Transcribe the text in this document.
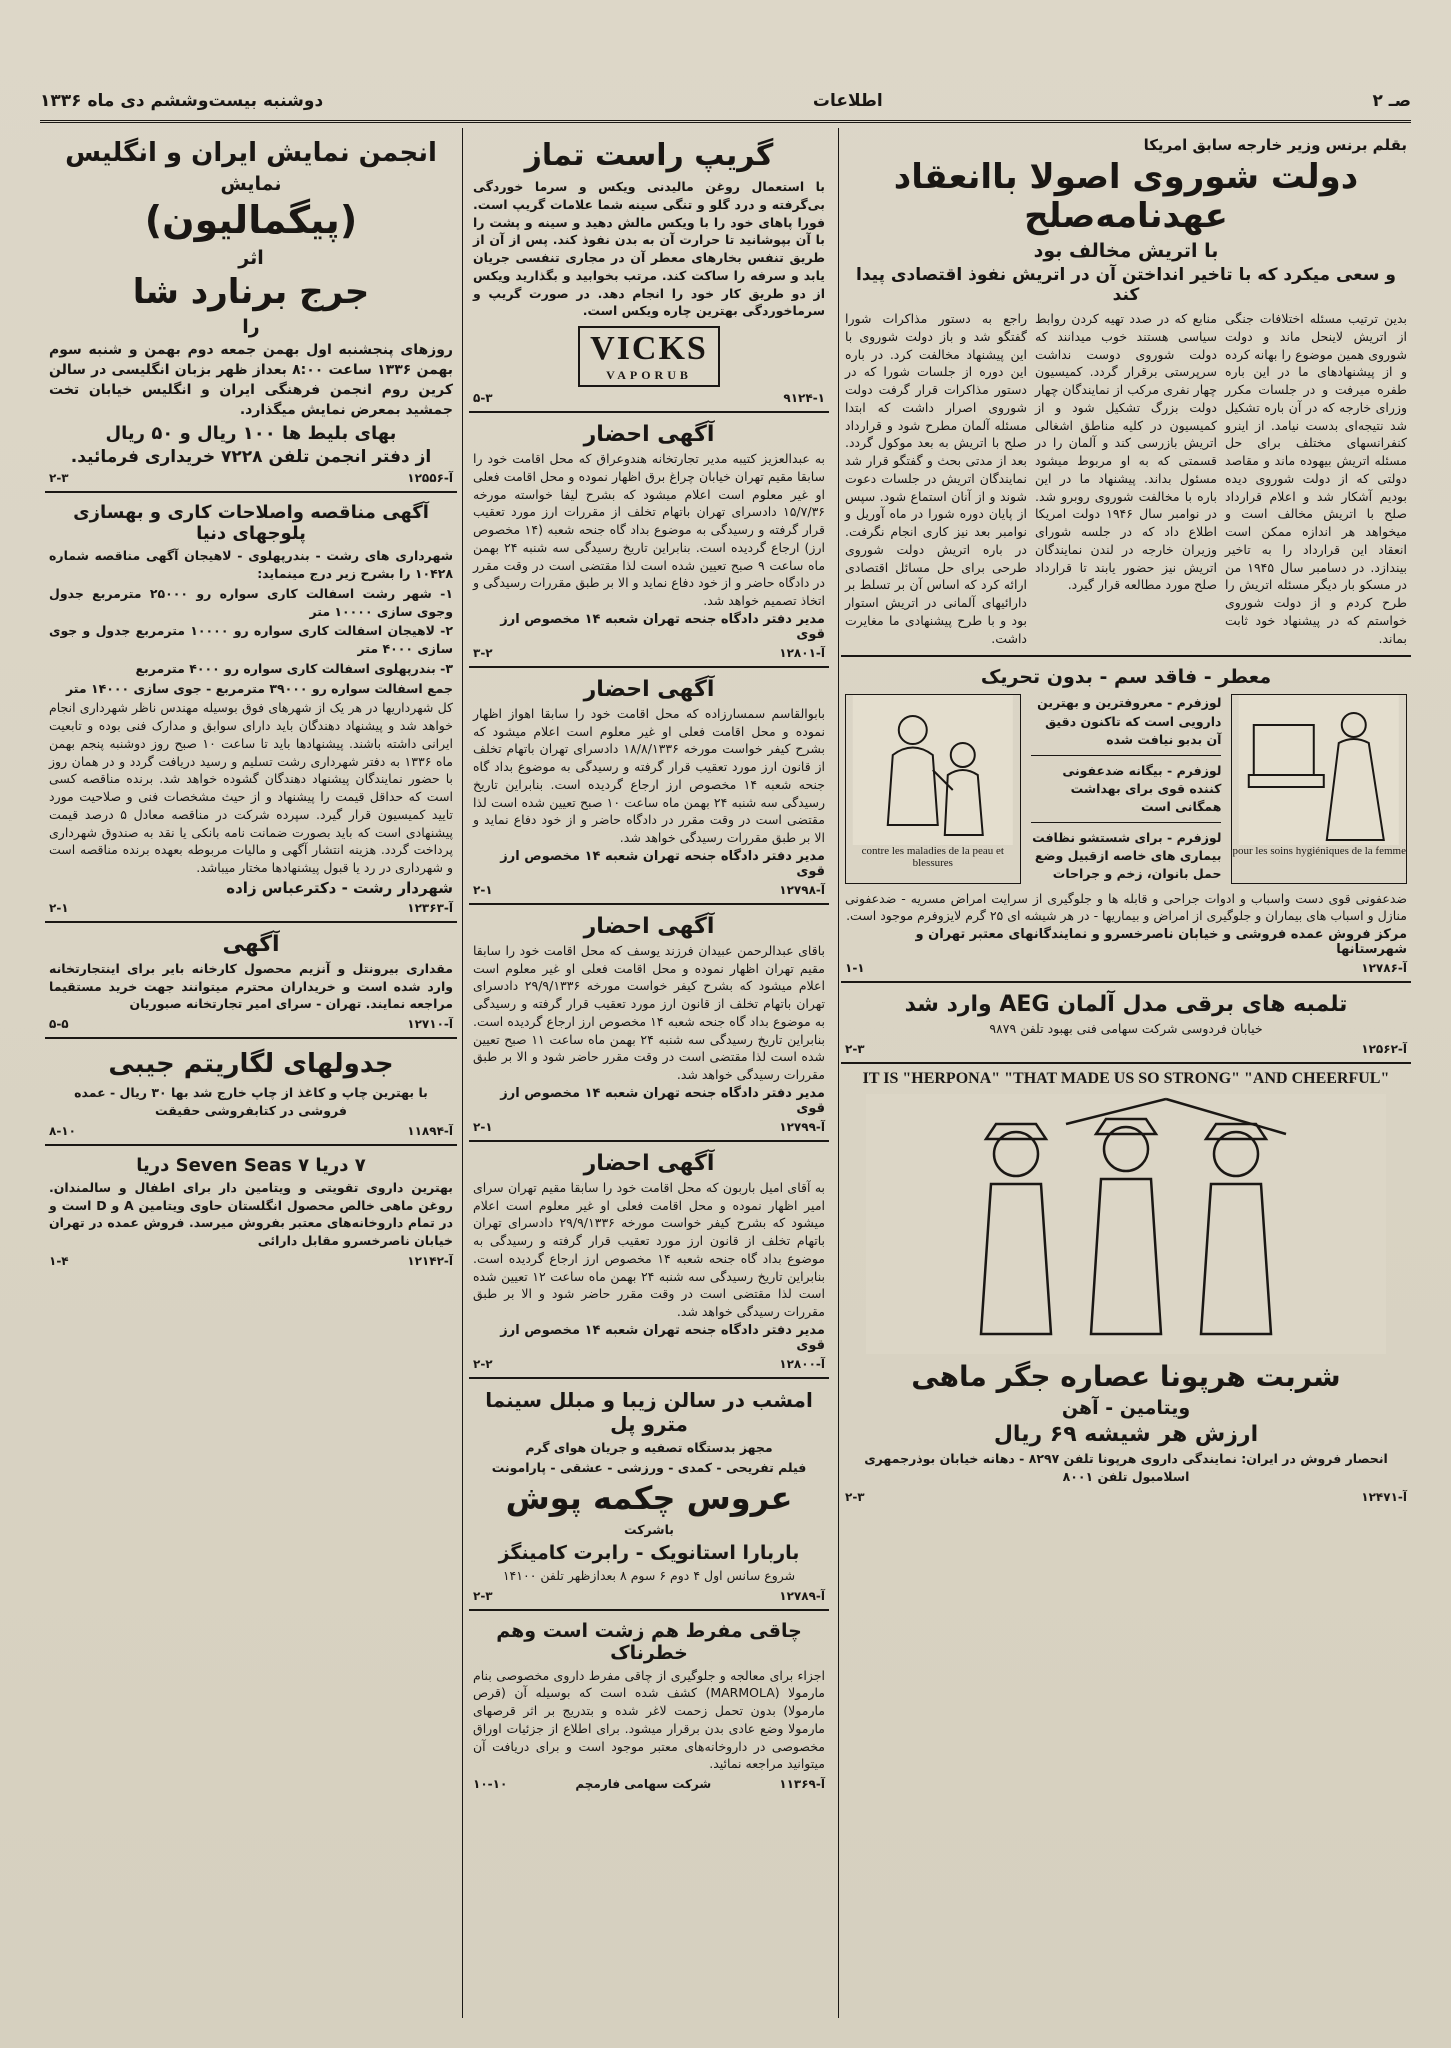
صـ ۲
اطلاعات
دوشنبه بیست‌وششم دی ماه ۱۳۳۶
بقلم برنس وزیر خارجه سابق امریکا
دولت شوروی اصولا باانعقاد عهدنامه‌صلح
با اتریش مخالف بود
و سعی میکرد که با تاخیر انداختن آن در اتریش نفوذ اقتصادی پیدا کند
بدین ترتیب مسئله اختلافات جنگی از اتریش لاینحل ماند و دولت شوروی همین موضوع را بهانه کرده و از پیشنهادهای ما در این باره طفره میرفت و در جلسات مکرر وزرای خارجه که در آن باره تشکیل شد نتیجه‌ای بدست نیامد. از اینرو کنفرانسهای مختلف برای حل مسئله اتریش بیهوده ماند و مقاصد دولتی که از دولت شوروی دیده بودیم آشکار شد و اعلام قرارداد صلح با اتریش مخالف است و میخواهد هر اندازه ممکن است انعقاد این قرارداد را به تاخیر بیندازد. در دسامبر سال ۱۹۴۵ من در مسکو بار دیگر مسئله اتریش را طرح کردم و از دولت شوروی خواستم که در پیشنهاد خود ثابت بماند.
منابع که در صدد تهیه کردن روابط سیاسی هستند خوب میدانند که دولت شوروی دوست نداشت سرپرستی برقرار گردد. کمیسیون چهار نفری مرکب از نمایندگان چهار دولت بزرگ تشکیل شود و از کمیسیون در کلیه مناطق اشغالی اتریش بازرسی کند و آلمان را در قسمتی که به او مربوط میشود مسئول بداند. پیشنهاد ما در این باره با مخالفت شوروی روبرو شد. در نوامبر سال ۱۹۴۶ دولت امریکا اطلاع داد که در جلسه شورای وزیران خارجه در لندن نمایندگان اتریش نیز حضور یابند تا قرارداد صلح مورد مطالعه قرار گیرد.
راجع به دستور مذاکرات شورا گفتگو شد و باز دولت شوروی با این پیشنهاد مخالفت کرد. در باره این دوره از جلسات شورا که در دستور مذاکرات قرار گرفت دولت شوروی اصرار داشت که ابتدا مسئله آلمان مطرح شود و قرارداد صلح با اتریش به بعد موکول گردد. بعد از مدتی بحث و گفتگو قرار شد نمایندگان اتریش در جلسات دعوت شوند و از آنان استماع شود. سپس از پایان دوره شورا در ماه آوریل و نوامبر بعد نیز کاری انجام نگرفت. در باره اتریش دولت شوروی طرحی برای حل مسائل اقتصادی ارائه کرد که اساس آن بر تسلط بر دارائیهای آلمانی در اتریش استوار بود و با طرح پیشنهادی ما مغایرت داشت.
معطر - فاقد سم - بدون تحریک
contre les maladies de la peau et blessures
لوزفرم - معروفترین و بهترین دارویی است که تاکنون دقیق آن بدبو نیافت شده
لوزفرم - بیگانه ضدعفونی کننده قوی برای بهداشت همگانی است
لوزفرم - برای شستشو نظافت بیماری های خاصه ازقبیل وضع حمل بانوان، زخم و جراحات
pour les soins hygiéniques de la femme
ضدعفونی قوی دست واسباب و ادوات جراحی و قابله ها و جلوگیری از سرایت امراض مسریه - ضدعفونی منازل و اسباب های بیماران و جلوگیری از امراض و بیماریها - در هر شیشه ای ۲۵ گرم لایزوفرم موجود است.
مرکز فروش عمده فروشی و خیابان ناصرخسرو و نمایندگانهای معتبر تهران و شهرستانها
۱-۱	۱۲۷۸۶-آ
تلمبه های برقی مدل آلمان AEG وارد شد
خیابان فردوسی شرکت سهامی فنی بهبود تلفن ۹۸۷۹
۲-۳	۱۲۵۶۲-آ
IT IS "HERPONA" "THAT MADE US SO STRONG" "AND CHEERFUL"
شربت هرپونا عصاره جگر ماهی
ویتامین - آهن
ارزش هر شیشه ۶۹ ریال
انحصار فروش در ایران: نمایندگی داروی هرپونا تلفن ۸۲۹۷ - دهانه خیابان بوذرجمهری اسلامبول تلفن ۸۰۰۱
۲-۳	۱۲۴۷۱-آ
گریپ راست تماز
با استعمال روغن مالیدنی ویکس و سرما خوردگی بی‌گرفته و درد گلو و تنگی سینه شما علامات گریپ است. فورا پاهای خود را با ویکس مالش دهید و سینه و پشت را با آن بپوشانید تا حرارت آن به بدن نفوذ کند. پس از آن از طریق تنفس بخارهای معطر آن در مجاری تنفسی جریان یابد و سرفه را ساکت کند. مرتب بخوابید و بگذارید ویکس از دو طریق کار خود را انجام دهد. در صورت گریپ و سرماخوردگی بهترین چاره ویکس است.
VICKS
VAPORUB
۵-۳	۹۱۲۴-۱
آگهی احضار
به عبدالعزیز کتیبه مدیر تجارتخانه هندوعراق که محل اقامت خود را سابقا مقیم تهران خیابان چراغ برق اظهار نموده و محل اقامت فعلی او غیر معلوم است اعلام میشود که بشرح لیفا خواسته مورخه ۱۵/۷/۳۶ دادسرای تهران باتهام تخلف از مقررات ارز مورد تعقیب قرار گرفته و رسیدگی به موضوع بداد گاه جنحه شعبه (۱۴ مخصوص ارز) ارجاع گردیده است. بنابراین تاریخ رسیدگی سه شنبه ۲۴ بهمن ماه ساعت ۹ صبح تعیین شده است لذا مقتضی است در وقت مقرر در دادگاه حاضر و از خود دفاع نماید و الا بر طبق مقررات رسیدگی و اتخاذ تصمیم خواهد شد.
مدیر دفتر دادگاه جنحه تهران شعبه ۱۴ مخصوص ارز قوی
۳-۲	۱۲۸۰۱-آ
آگهی احضار
بابوالقاسم سمسارزاده که محل اقامت خود را سابقا اهواز اظهار نموده و محل اقامت فعلی او غیر معلوم است اعلام میشود که بشرح کیفر خواست مورخه ۱۸/۸/۱۳۳۶ دادسرای تهران باتهام تخلف از قانون ارز مورد تعقیب قرار گرفته و رسیدگی به موضوع بداد گاه جنحه شعبه ۱۴ مخصوص ارز ارجاع گردیده است. بنابراین تاریخ رسیدگی سه شنبه ۲۴ بهمن ماه ساعت ۱۰ صبح تعیین شده است لذا مقتضی است در وقت مقرر در دادگاه حاضر و از خود دفاع نماید و الا بر طبق مقررات رسیدگی خواهد شد.
مدیر دفتر دادگاه جنحه تهران شعبه ۱۴ مخصوص ارز قوی
۲-۱	۱۲۷۹۸-آ
آگهی احضار
باقای عبدالرحمن عبیدان فرزند یوسف که محل اقامت خود را سابقا مقیم تهران اظهار نموده و محل اقامت فعلی او غیر معلوم است اعلام میشود که بشرح کیفر خواست مورخه ۲۹/۹/۱۳۳۶ دادسرای تهران باتهام تخلف از قانون ارز مورد تعقیب قرار گرفته و رسیدگی به موضوع بداد گاه جنحه شعبه ۱۴ مخصوص ارز ارجاع گردیده است. بنابراین تاریخ رسیدگی سه شنبه ۲۴ بهمن ماه ساعت ۱۱ صبح تعیین شده است لذا مقتضی است در وقت مقرر حاضر شود و الا بر طبق مقررات رسیدگی خواهد شد.
مدیر دفتر دادگاه جنحه تهران شعبه ۱۴ مخصوص ارز قوی
۲-۱	۱۲۷۹۹-آ
آگهی احضار
به آقای امیل باربون که محل اقامت خود را سابقا مقیم تهران سرای امیر اظهار نموده و محل اقامت فعلی او غیر معلوم است اعلام میشود که بشرح کیفر خواست مورخه ۲۹/۹/۱۳۳۶ دادسرای تهران باتهام تخلف از قانون ارز مورد تعقیب قرار گرفته و رسیدگی به موضوع بداد گاه جنحه شعبه ۱۴ مخصوص ارز ارجاع گردیده است. بنابراین تاریخ رسیدگی سه شنبه ۲۴ بهمن ماه ساعت ۱۲ تعیین شده است لذا مقتضی است در وقت مقرر حاضر شود و الا بر طبق مقررات رسیدگی خواهد شد.
مدیر دفتر دادگاه جنحه تهران شعبه ۱۴ مخصوص ارز قوی
۲-۲	۱۲۸۰۰-آ
امشب در سالن زیبا و مبلل سینما مترو پل
مجهز بدستگاه تصفیه و جریان هوای گرم
فیلم تفریحی - کمدی - ورزشی - عشقی - پارامونت
عروس چکمه پوش
باشرکت
باربارا استانویک - رابرت کامینگز
شروع سانس اول ۴ دوم ۶ سوم ۸ بعدازظهر تلفن ۱۴۱۰۰
۲-۳	۱۲۷۸۹-آ
چاقی مفرط هم زشت است وهم خطرناک
اجزاء برای معالجه و جلوگیری از چاقی مفرط داروی مخصوصی بنام مارمولا (MARMOLA) کشف شده است که بوسیله آن (قرص مارمولا) بدون تحمل زحمت لاغر شده و بتدریج بر اثر قرصهای مارمولا وضع عادی بدن برقرار میشود. برای اطلاع از جزئیات اوراق مخصوصی در داروخانه‌های معتبر موجود است و برای دریافت آن میتوانید مراجعه نمائید.
۱۰-۱۰	شرکت سهامی فارمچم	۱۱۳۶۹-آ
انجمن نمایش ایران و انگلیس
نمایش
(پیگمالیون)
اثر
جرج برنارد شا
را
روزهای پنجشنبه اول بهمن جمعه دوم بهمن و شنبه سوم بهمن ۱۳۳۶ ساعت ۸:۰۰ بعداز ظهر بزبان انگلیسی در سالن کرین روم انجمن فرهنگی ایران و انگلیس خیابان تخت جمشید بمعرض نمایش میگذارد.
بهای بلیط ها ۱۰۰ ریال و ۵۰ ریال
از دفتر انجمن تلفن ۷۲۲۸ خریداری فرمائید.
۲-۳	۱۲۵۵۶-آ
آگهی مناقصه واصلاحات کاری و بهسازی پلوجهای دنیا
شهرداری های رشت - بندرپهلوی - لاهیجان آگهی مناقصه شماره ۱۰۴۲۸ را بشرح زیر درج مینماید:
۱- شهر رشت اسفالت کاری سواره رو ۲۵۰۰۰ مترمربع جدول وجوی سازی ۱۰۰۰۰ متر
۲- لاهیجان اسفالت کاری سواره رو ۱۰۰۰۰ مترمربع جدول و جوی سازی ۴۰۰۰ متر
۳- بندرپهلوی اسفالت کاری سواره رو ۴۰۰۰ مترمربع
جمع اسفالت سواره رو ۳۹۰۰۰ مترمربع - جوی سازی ۱۴۰۰۰ متر
کل شهرداریها در هر یک از شهرهای فوق بوسیله مهندس ناظر شهرداری انجام خواهد شد و پیشنهاد دهندگان باید دارای سوابق و مدارک فنی بوده و تابعیت ایرانی داشته باشند. پیشنهادها باید تا ساعت ۱۰ صبح روز دوشنبه پنجم بهمن ماه ۱۳۳۶ به دفتر شهرداری رشت تسلیم و رسید دریافت گردد و در همان روز با حضور نمایندگان پیشنهاد دهندگان گشوده خواهد شد. برنده مناقصه کسی است که حداقل قیمت را پیشنهاد و از حیث مشخصات فنی و صلاحیت مورد تایید کمیسیون قرار گیرد. سپرده شرکت در مناقصه معادل ۵ درصد قیمت پیشنهادی است که باید بصورت ضمانت نامه بانکی یا نقد به صندوق شهرداری پرداخت گردد. هزینه انتشار آگهی و مالیات مربوطه بعهده برنده مناقصه است و شهرداری در رد یا قبول پیشنهادها مختار میباشد.
شهردار رشت - دکترعباس زاده
۲-۱	۱۲۳۶۳-آ
آگهی
مقداری بیرونتل و آنزیم محصول کارخانه بایر برای اینتجارتخانه وارد شده است و خریداران محترم میتوانند جهت خرید مستقیما مراجعه نمایند. تهران - سرای امیر تجارتخانه صبوریان
۵-۵	۱۲۷۱۰-آ
جدولهای لگاریتم جیبی
با بهترین چاپ و کاغذ از چاپ خارج شد بها ۳۰ ریال - عمده فروشی در کتابفروشی حقیقت
۸-۱۰	۱۱۸۹۴-آ
۷ دریا Seven Seas ۷ دریا
بهترین داروی تقویتی و ویتامین دار برای اطفال و سالمندان. روغن ماهی خالص محصول انگلستان حاوی ویتامین A و D است و در تمام داروخانه‌های معتبر بفروش میرسد. فروش عمده در تهران خیابان ناصرخسرو مقابل دارائی
۱-۴	۱۲۱۴۲-آ
